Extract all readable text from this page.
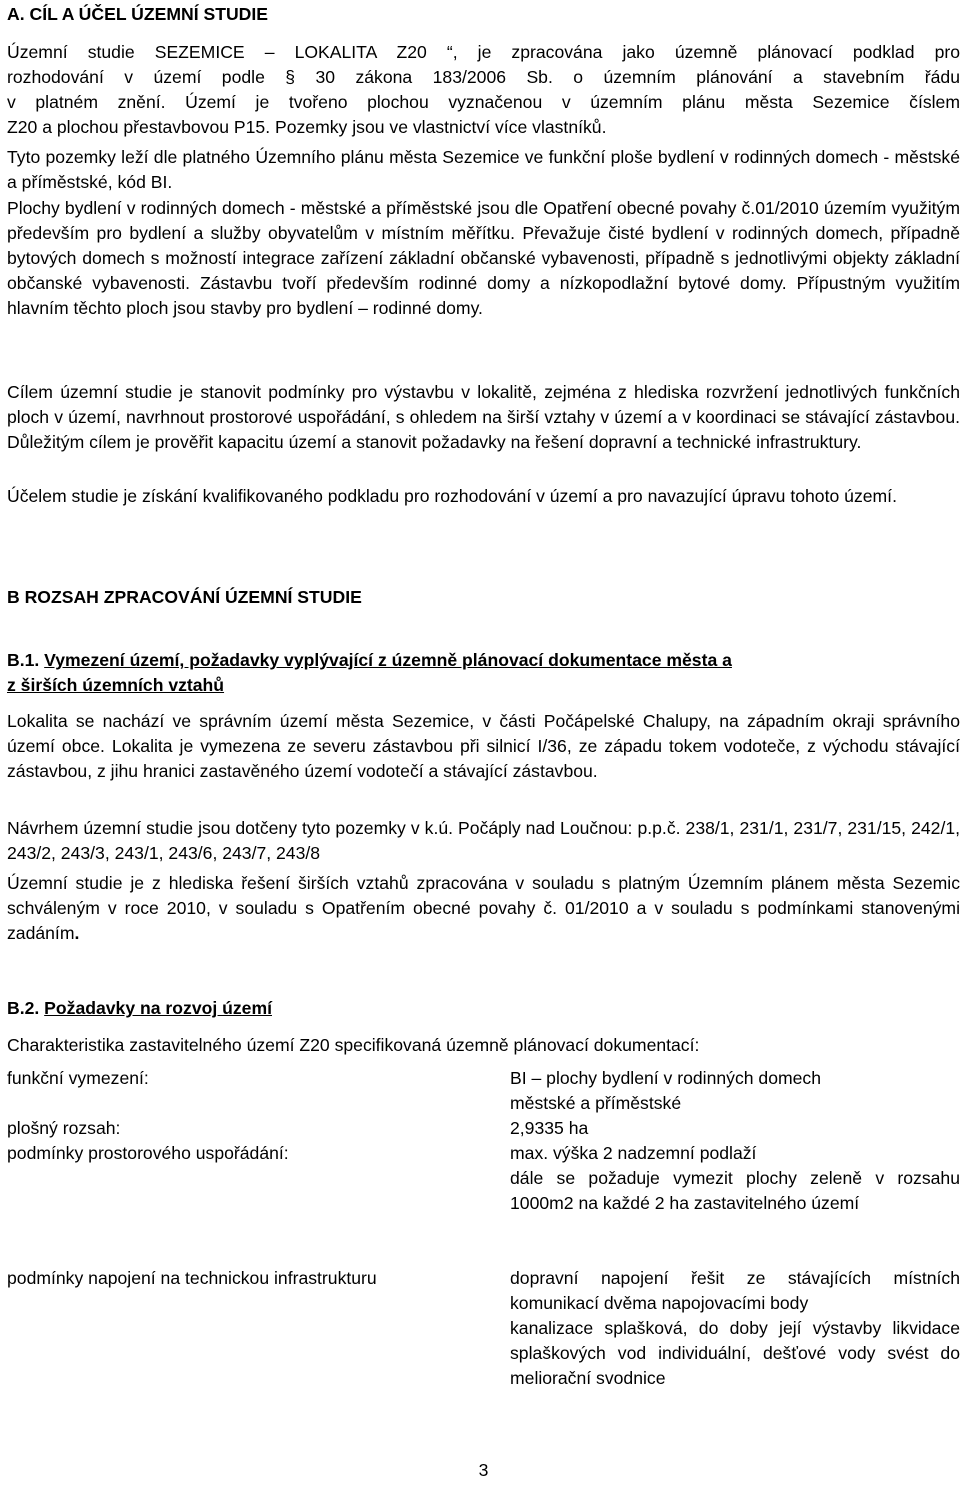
A. CÍL A ÚČEL ÚZEMNÍ STUDIE
Územní studie SEZEMICE – LOKALITA Z20 “, je zpracována jako územně plánovací podklad pro
rozhodování v území podle § 30 zákona 183/2006 Sb. o územním plánování a stavebním řádu
v platném znění. Území je tvořeno plochou vyznačenou v územním plánu města Sezemice číslem
Z20 a plochou přestavbovou P15. Pozemky jsou ve vlastnictví více vlastníků.

Tyto pozemky leží dle platného Územního plánu města Sezemice ve funkční ploše bydlení v rodinných domech - městské a příměstské, kód BI.

Plochy bydlení v rodinných domech - městské a příměstské jsou dle Opatření obecné povahy č.01/2010 územím využitým především pro bydlení a služby obyvatelům v místním měřítku. Převažuje čisté bydlení v rodinných domech, případně bytových domech s možností integrace zařízení základní občanské vybavenosti, případně s jednotlivými objekty základní občanské vybavenosti. Zástavbu tvoří především rodinné domy a nízkopodlažní bytové domy. Přípustným využitím hlavním těchto ploch jsou stavby pro bydlení – rodinné domy.

Cílem územní studie je stanovit podmínky pro výstavbu v lokalitě, zejména z hlediska rozvržení jednotlivých funkčních ploch v území, navrhnout prostorové uspořádání, s ohledem na širší vztahy v území a v koordinaci se stávající zástavbou. Důležitým cílem je prověřit kapacitu území a stanovit požadavky na řešení dopravní a technické infrastruktury.

Účelem studie je získání kvalifikovaného podkladu pro rozhodování v území a pro navazující úpravu tohoto území.

B ROZSAH ZPRACOVÁNÍ ÚZEMNÍ STUDIE
B.1. Vymezení území, požadavky vyplývající z územně plánovací dokumentace města a
z širších územních vztahů

Lokalita se nachází ve správním území města Sezemice, v části Počápelské Chalupy, na západním okraji správního území obce. Lokalita je vymezena ze severu zástavbou při silnicí I/36, ze západu tokem vodoteče, z východu stávající zástavbou, z jihu hranici zastavěného území vodotečí a stávající zástavbou.

Návrhem územní studie jsou dotčeny tyto pozemky v k.ú. Počáply nad Loučnou: p.p.č. 238/1, 231/1, 231/7, 231/15, 242/1, 243/2, 243/3, 243/1, 243/6, 243/7, 243/8

Územní studie je z hlediska řešení širších vztahů zpracována v souladu s platným Územním plánem města Sezemic schváleným v roce 2010, v souladu s Opatřením obecné povahy č. 01/2010 a v souladu s podmínkami stanovenými zadáním.

B.2. Požadavky na rozvoj území

Charakteristika zastavitelného území Z20 specifikovaná územně plánovací dokumentací:

funkční vymezení:	BI – plochy bydlení v rodinných domech
městské a příměstské
plošný rozsah:	2,9335 ha
podmínky prostorového uspořádání:	max. výška 2 nadzemní podlaží
dále se požaduje vymezit plochy zeleně v rozsahu 1000m2 na každé 2 ha zastavitelného území
podmínky napojení na technickou infrastrukturu	dopravní napojení řešit ze stávajících místních komunikací dvěma napojovacími body
kanalizace splašková, do doby její výstavby likvidace splaškových vod individuální, dešťové vody svést do meliorační svodnice
3
